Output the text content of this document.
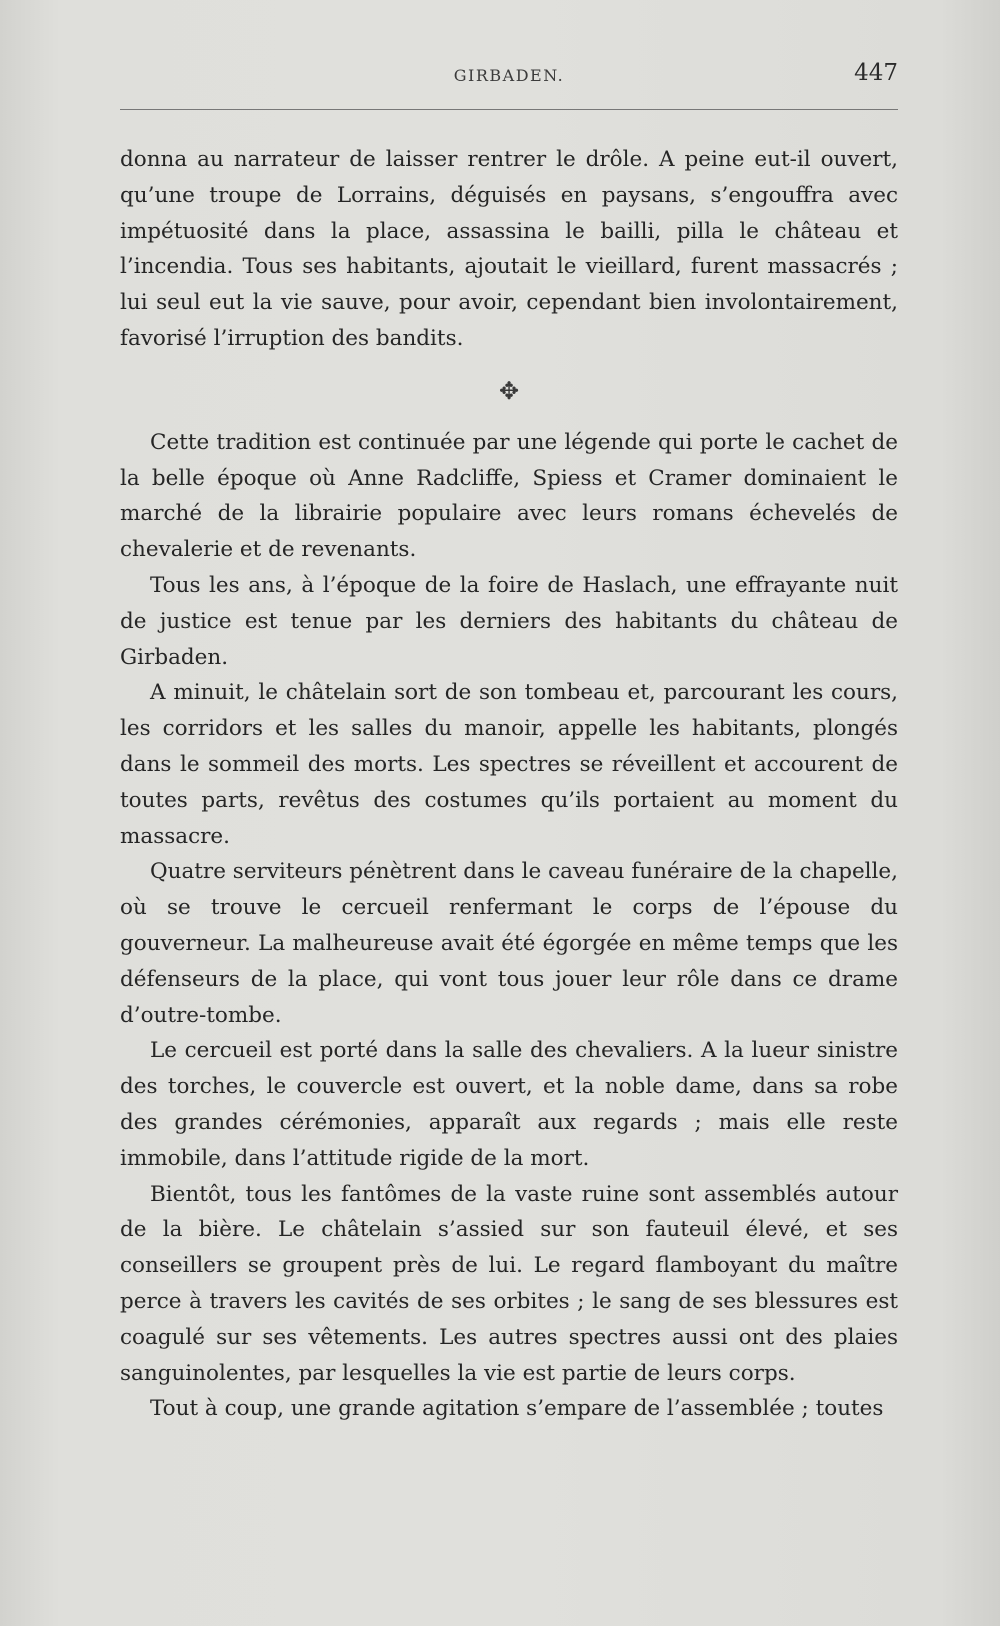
GIRBADEN.	447

donna au narrateur de laisser rentrer le drôle. A peine eut-il ouvert, qu’une troupe de Lorrains, déguisés en paysans, s’engouffra avec impétuosité dans la place, assassina le bailli, pilla le château et l’incendia. Tous ses habitants, ajoutait le vieillard, furent massacrés ; lui seul eut la vie sauve, pour avoir, cependant bien involontairement, favorisé l’irruption des bandits.

✥

Cette tradition est continuée par une légende qui porte le cachet de la belle époque où Anne Radcliffe, Spiess et Cramer dominaient le marché de la librairie populaire avec leurs romans échevelés de chevalerie et de revenants.

Tous les ans, à l’époque de la foire de Haslach, une effrayante nuit de justice est tenue par les derniers des habitants du château de Girbaden.

A minuit, le châtelain sort de son tombeau et, parcourant les cours, les corridors et les salles du manoir, appelle les habitants, plongés dans le sommeil des morts. Les spectres se réveillent et accourent de toutes parts, revêtus des costumes qu’ils portaient au moment du massacre.

Quatre serviteurs pénètrent dans le caveau funéraire de la chapelle, où se trouve le cercueil renfermant le corps de l’épouse du gouverneur. La malheureuse avait été égorgée en même temps que les défenseurs de la place, qui vont tous jouer leur rôle dans ce drame d’outre-tombe.

Le cercueil est porté dans la salle des chevaliers. A la lueur sinistre des torches, le couvercle est ouvert, et la noble dame, dans sa robe des grandes cérémonies, apparaît aux regards ; mais elle reste immobile, dans l’attitude rigide de la mort.

Bientôt, tous les fantômes de la vaste ruine sont assemblés autour de la bière. Le châtelain s’assied sur son fauteuil élevé, et ses conseillers se groupent près de lui. Le regard flamboyant du maître perce à travers les cavités de ses orbites ; le sang de ses blessures est coagulé sur ses vêtements. Les autres spectres aussi ont des plaies sanguinolentes, par lesquelles la vie est partie de leurs corps.

Tout à coup, une grande agitation s’empare de l’assemblée ; toutes
